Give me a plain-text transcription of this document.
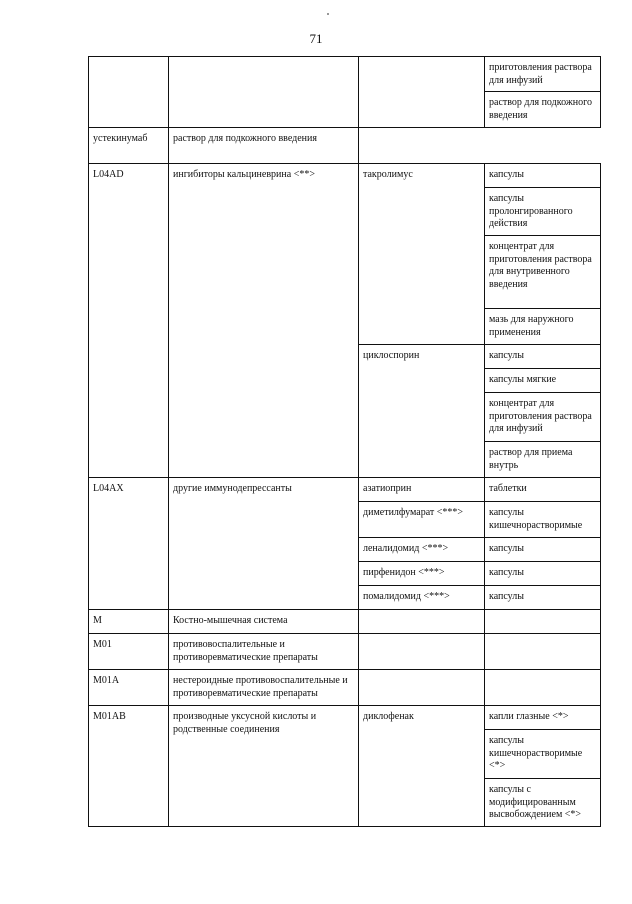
71
			приготовления раствора для инфузий
			раствор для подкожного введения
устекинумаб	раствор для подкожного введения		
L04AD	ингибиторы кальциневрина <**>	такролимус	капсулы
			капсулы пролонгированного действия
			концентрат для приготовления раствора для внутривенного введения
			мазь для наружного применения
		циклоспорин	капсулы
			капсулы мягкие
			концентрат для приготовления раствора для инфузий
			раствор для приема внутрь
L04AX	другие иммунодепрессанты	азатиоприн	таблетки
		диметилфумарат <***>	капсулы кишечнорастворимые
		леналидомид <***>	капсулы
		пирфенидон <***>	капсулы
		помалидомид <***>	капсулы
M	Костно-мышечная система		
M01	противовоспалительные и противоревматические препараты		
M01A	нестероидные противовоспалительные и противоревматические препараты		
M01AB	производные уксусной кислоты и родственные соединения	диклофенак	капли глазные <*>
			капсулы кишечнорастворимые <*>
			капсулы с модифицированным высвобождением <*>
